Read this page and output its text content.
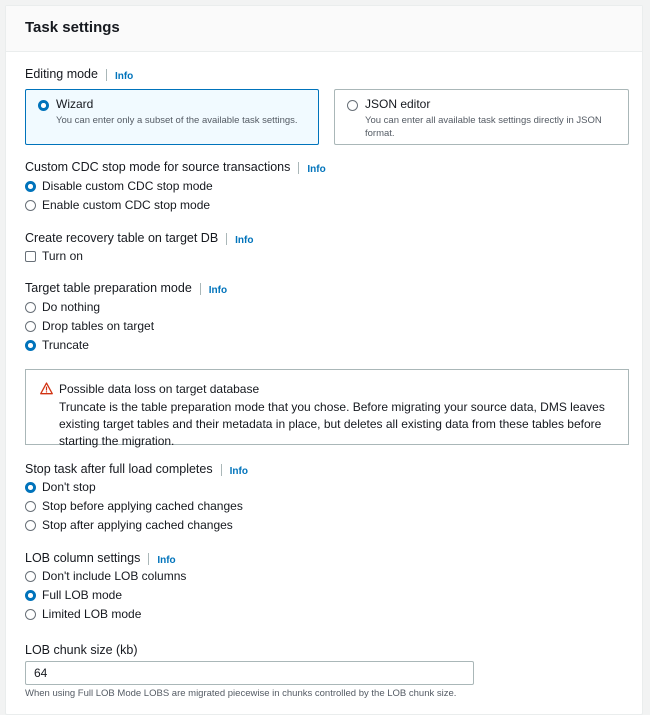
Task settings
Editing mode Info
Wizard
You can enter only a subset of the available task settings.
JSON editor
You can enter all available task settings directly in JSON format.
Custom CDC stop mode for source transactions Info
Disable custom CDC stop mode
Enable custom CDC stop mode
Create recovery table on target DB Info
Turn on
Target table preparation mode Info
Do nothing
Drop tables on target
Truncate
Possible data loss on target database
Truncate is the table preparation mode that you chose. Before migrating your source data, DMS leaves existing target tables and their metadata in place, but deletes all existing data from these tables before starting the migration.
Stop task after full load completes Info
Don't stop
Stop before applying cached changes
Stop after applying cached changes
LOB column settings Info
Don't include LOB columns
Full LOB mode
Limited LOB mode
LOB chunk size (kb)
64
When using Full LOB Mode LOBS are migrated piecewise in chunks controlled by the LOB chunk size.
